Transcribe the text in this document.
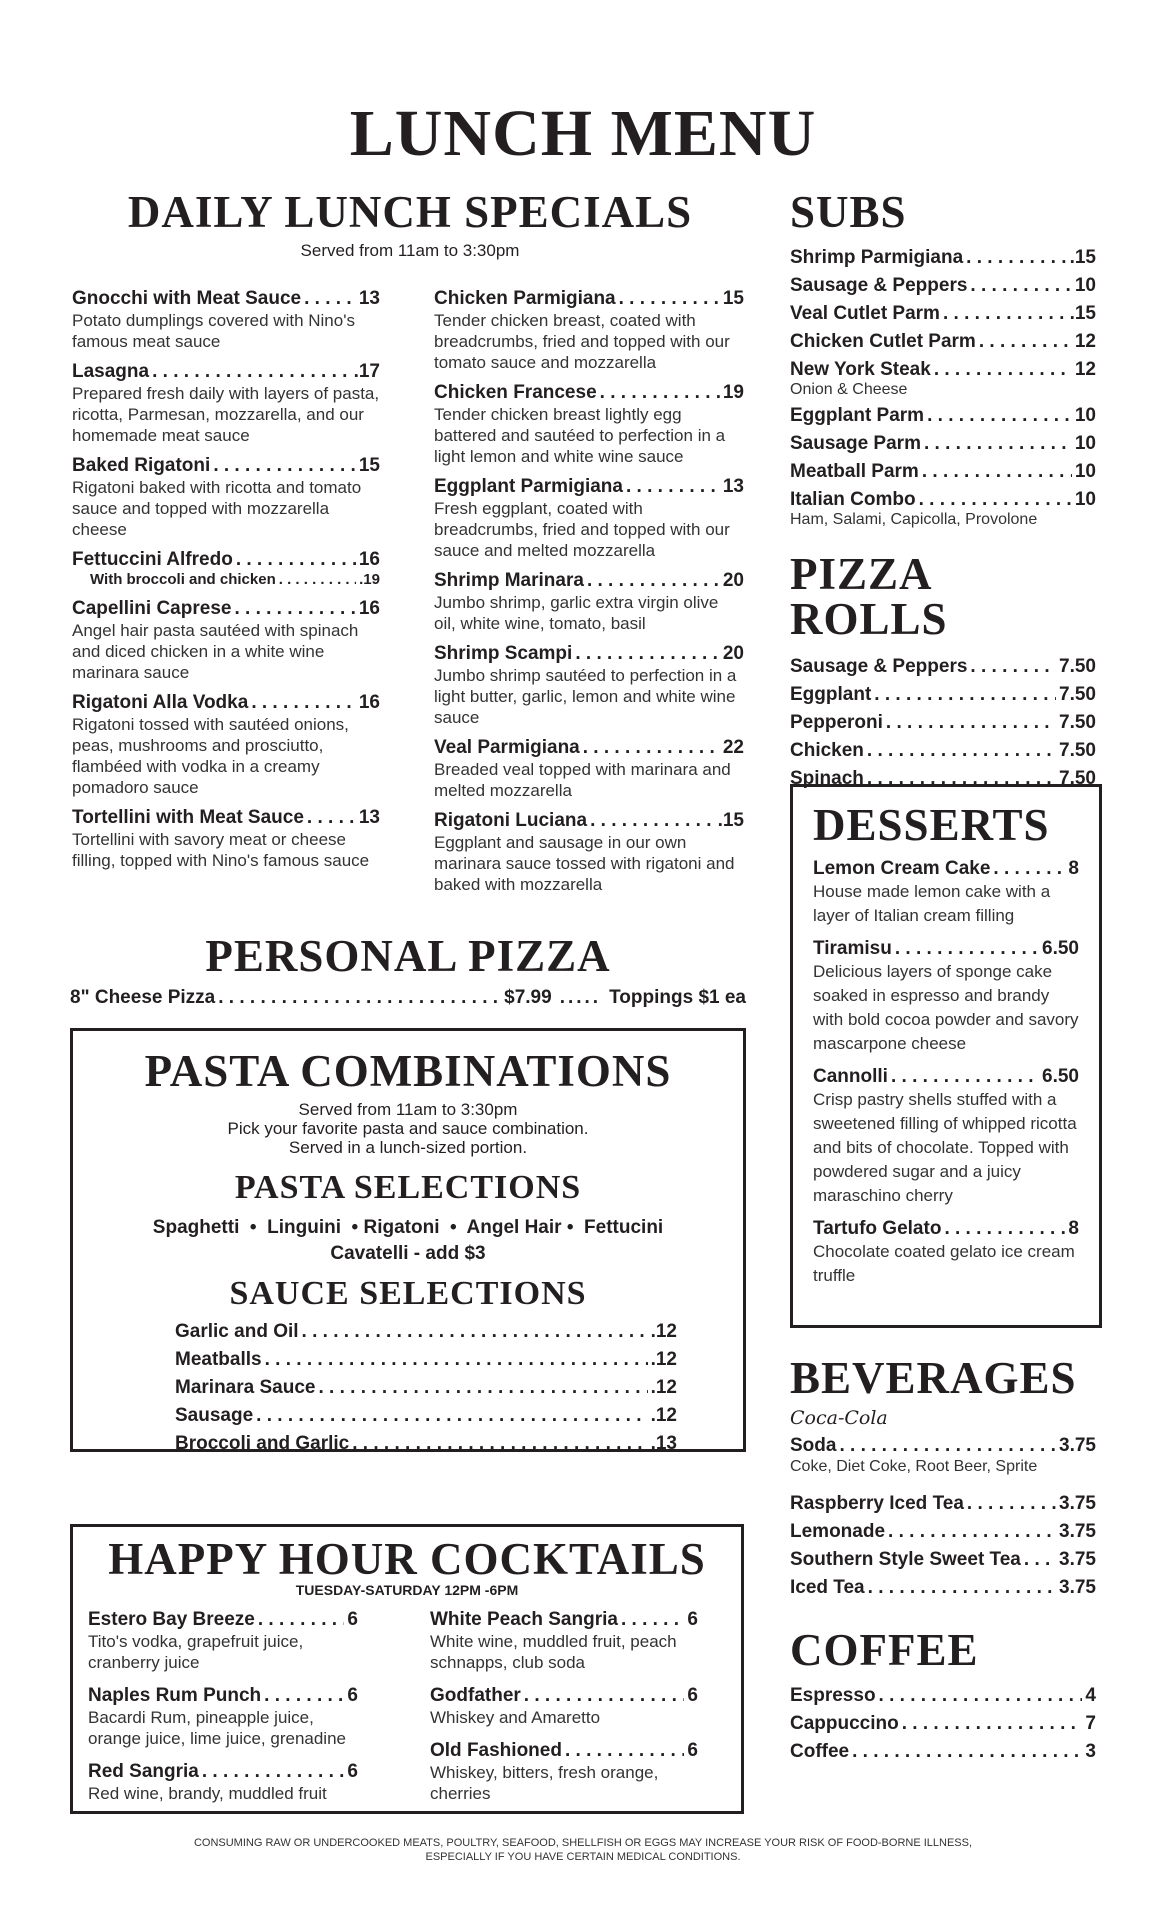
LUNCH MENU
DAILY LUNCH SPECIALS
Served from 11am to 3:30pm
Gnocchi with Meat Sauce . . .	13
Potato dumplings covered with Nino's famous meat sauce
Lasagna . . .	.17
Prepared fresh daily with layers of pasta, ricotta, Parmesan, mozzarella, and our homemade meat sauce
Baked Rigatoni . . .	15
Rigatoni baked with ricotta and tomato sauce and topped with mozzarella cheese
Fettuccini Alfredo . . .	16
With broccoli and chicken . . .	.19
Capellini Caprese . . .	16
Angel hair pasta sautéed with spinach and diced chicken in a white wine marinara sauce
Rigatoni Alla Vodka . . .	16
Rigatoni tossed with sautéed onions, peas, mushrooms and prosciutto, flambéed with vodka in a creamy pomadoro sauce
Tortellini with Meat Sauce . . .	13
Tortellini with savory meat or cheese filling, topped with Nino's famous sauce
Chicken Parmigiana . . .	15
Tender chicken breast, coated with breadcrumbs, fried and topped with our tomato sauce and mozzarella
Chicken Francese . . .	19
Tender chicken breast lightly egg battered and sautéed to perfection in a light lemon and white wine sauce
Eggplant Parmigiana . . .	13
Fresh eggplant, coated with breadcrumbs, fried and topped with our sauce and melted mozzarella
Shrimp Marinara . . .	20
Jumbo shrimp, garlic extra virgin olive oil, white wine, tomato, basil
Shrimp Scampi . . .	20
Jumbo shrimp sautéed to perfection in a light butter, garlic, lemon and white wine sauce
Veal Parmigiana . . .	22
Breaded veal topped with marinara and melted mozzarella
Rigatoni Luciana . . .	.15
Eggplant and sausage in our own marinara sauce tossed with rigatoni and baked with mozzarella
PERSONAL PIZZA
8" Cheese Pizza . . .	$7.99 ..... Toppings $1 ea
PASTA COMBINATIONS
Served from 11am to 3:30pm
Pick your favorite pasta and sauce combination.
Served in a lunch-sized portion.
PASTA SELECTIONS
Spaghetti  •  Linguini  • Rigatoni  •  Angel Hair •  Fettucini
Cavatelli - add $3
SAUCE SELECTIONS
Garlic and Oil . . .	.12
Meatballs . . .	.12
Marinara Sauce . . .	.12
Sausage . . .	.12
Broccoli and Garlic . . .	.13
HAPPY HOUR COCKTAILS
TUESDAY-SATURDAY 12PM -6PM
Estero Bay Breeze . . .	6
Tito's vodka, grapefruit juice, cranberry juice
Naples Rum Punch . . .	6
Bacardi Rum, pineapple juice, orange juice, lime juice, grenadine
Red Sangria . . .	6
Red wine, brandy, muddled fruit
White Peach Sangria . . .	6
White wine, muddled fruit, peach schnapps, club soda
Godfather . . .	6
Whiskey and Amaretto
Old Fashioned . . .	6
Whiskey, bitters, fresh orange, cherries
SUBS
Shrimp Parmigiana . . .	.15
Sausage & Peppers . . .	10
Veal Cutlet Parm . . .	.15
Chicken Cutlet Parm . . .	12
New York Steak . . .	12
Onion & Cheese
Eggplant Parm . . .	10
Sausage Parm . . .	10
Meatball Parm . . .	10
Italian Combo . . .	10
Ham, Salami, Capicolla, Provolone
PIZZA ROLLS
Sausage & Peppers . . .	7.50
Eggplant . . .	7.50
Pepperoni . . .	7.50
Chicken . . .	7.50
Spinach . . .	7.50
DESSERTS
Lemon Cream Cake . . .	8
House made lemon cake with a layer of Italian cream filling
Tiramisu . . .	6.50
Delicious layers of sponge cake soaked in espresso and brandy with bold cocoa powder and savory mascarpone cheese
Cannolli . . .	6.50
Crisp pastry shells stuffed with a sweetened filling of whipped ricotta and bits of chocolate. Topped with powdered sugar and a juicy maraschino cherry
Tartufo Gelato . . .	8
Chocolate coated gelato ice cream truffle
BEVERAGES
Coca-Cola
Soda . . .	3.75
Coke, Diet Coke, Root Beer, Sprite
Raspberry Iced Tea . . .	3.75
Lemonade . . .	3.75
Southern Style Sweet Tea . . . 3.75
Iced Tea . . .	3.75
COFFEE
Espresso . . .	4
Cappuccino . . .	7
Coffee . . .	3
CONSUMING RAW OR UNDERCOOKED MEATS, POULTRY, SEAFOOD, SHELLFISH OR EGGS MAY INCREASE YOUR RISK OF FOOD-BORNE ILLNESS,
ESPECIALLY IF YOU HAVE CERTAIN MEDICAL CONDITIONS.
